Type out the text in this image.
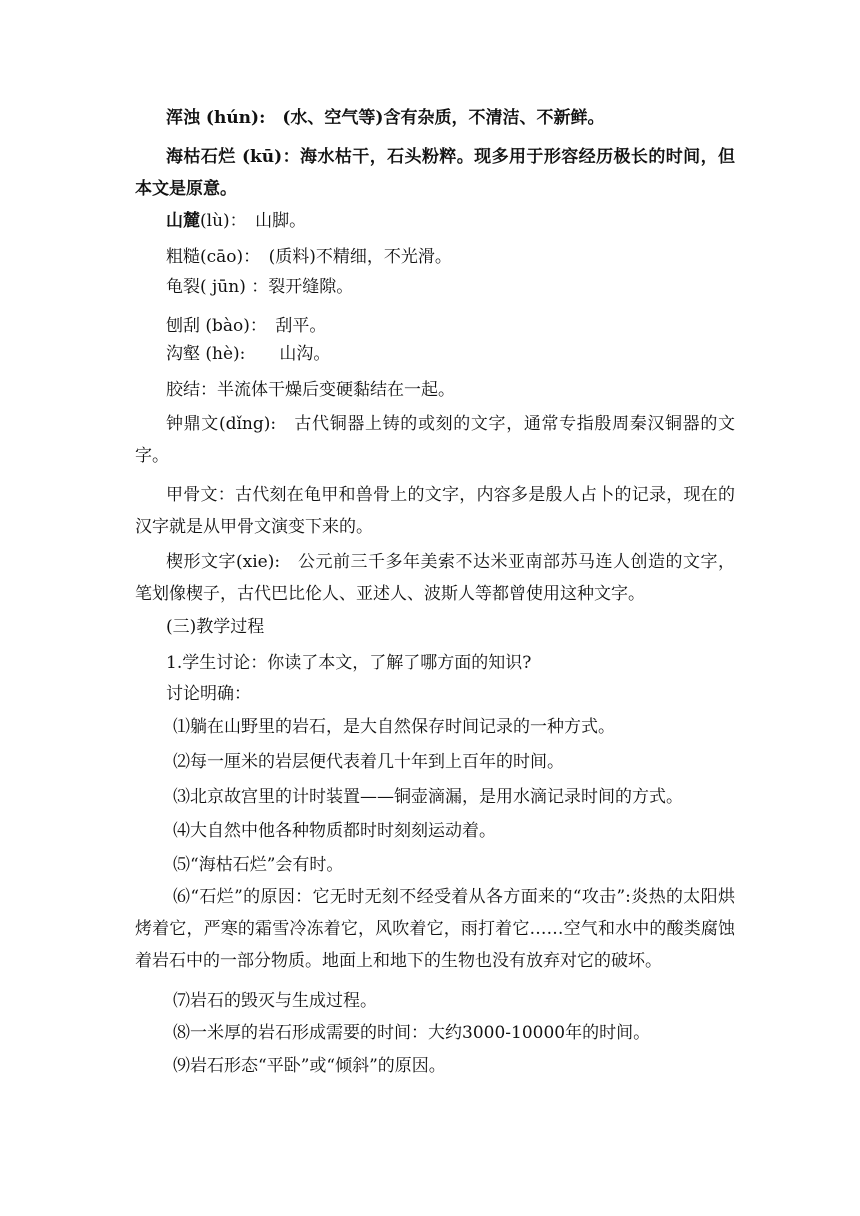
浑浊 (hún):　(水、空气等)含有杂质，不清洁、不新鲜。
海枯石烂 (kū)：海水枯干，石头粉粹。现多用于形容经历极长的时间，但本文是原意。
山麓(lù)：　山脚。
粗糙(cāo)：　(质料)不精细，不光滑。
龟裂( jūn) ：裂开缝隙。
刨刮 (bào)：　刮平。
沟壑 (hè):　　山沟。
胶结：半流体干燥后变硬黏结在一起。
钟鼎文(dǐng):　古代铜器上铸的或刻的文字，通常专指殷周秦汉铜器的文字。
甲骨文：古代刻在龟甲和兽骨上的文字，内容多是殷人占卜的记录，现在的汉字就是从甲骨文演变下来的。
楔形文字(xie):　公元前三千多年美索不达米亚南部苏马连人创造的文字，笔划像楔子，古代巴比伦人、亚述人、波斯人等都曾使用这种文字。
(三)教学过程
1.学生讨论：你读了本文，了解了哪方面的知识?
讨论明确：
⑴躺在山野里的岩石，是大自然保存时间记录的一种方式。
⑵每一厘米的岩层便代表着几十年到上百年的时间。
⑶北京故宫里的计时装置——铜壶滴漏，是用水滴记录时间的方式。
⑷大自然中他各种物质都时时刻刻运动着。
⑸“海枯石烂”会有时。
⑹“石烂”的原因：它无时无刻不经受着从各方面来的“攻击”:炎热的太阳烘烤着它，严寒的霜雪冷冻着它，风吹着它，雨打着它……空气和水中的酸类腐蚀着岩石中的一部分物质。地面上和地下的生物也没有放弃对它的破坏。
⑺岩石的毁灭与生成过程。
⑻一米厚的岩石形成需要的时间：大约3000-10000年的时间。
⑼岩石形态“平卧”或“倾斜”的原因。
